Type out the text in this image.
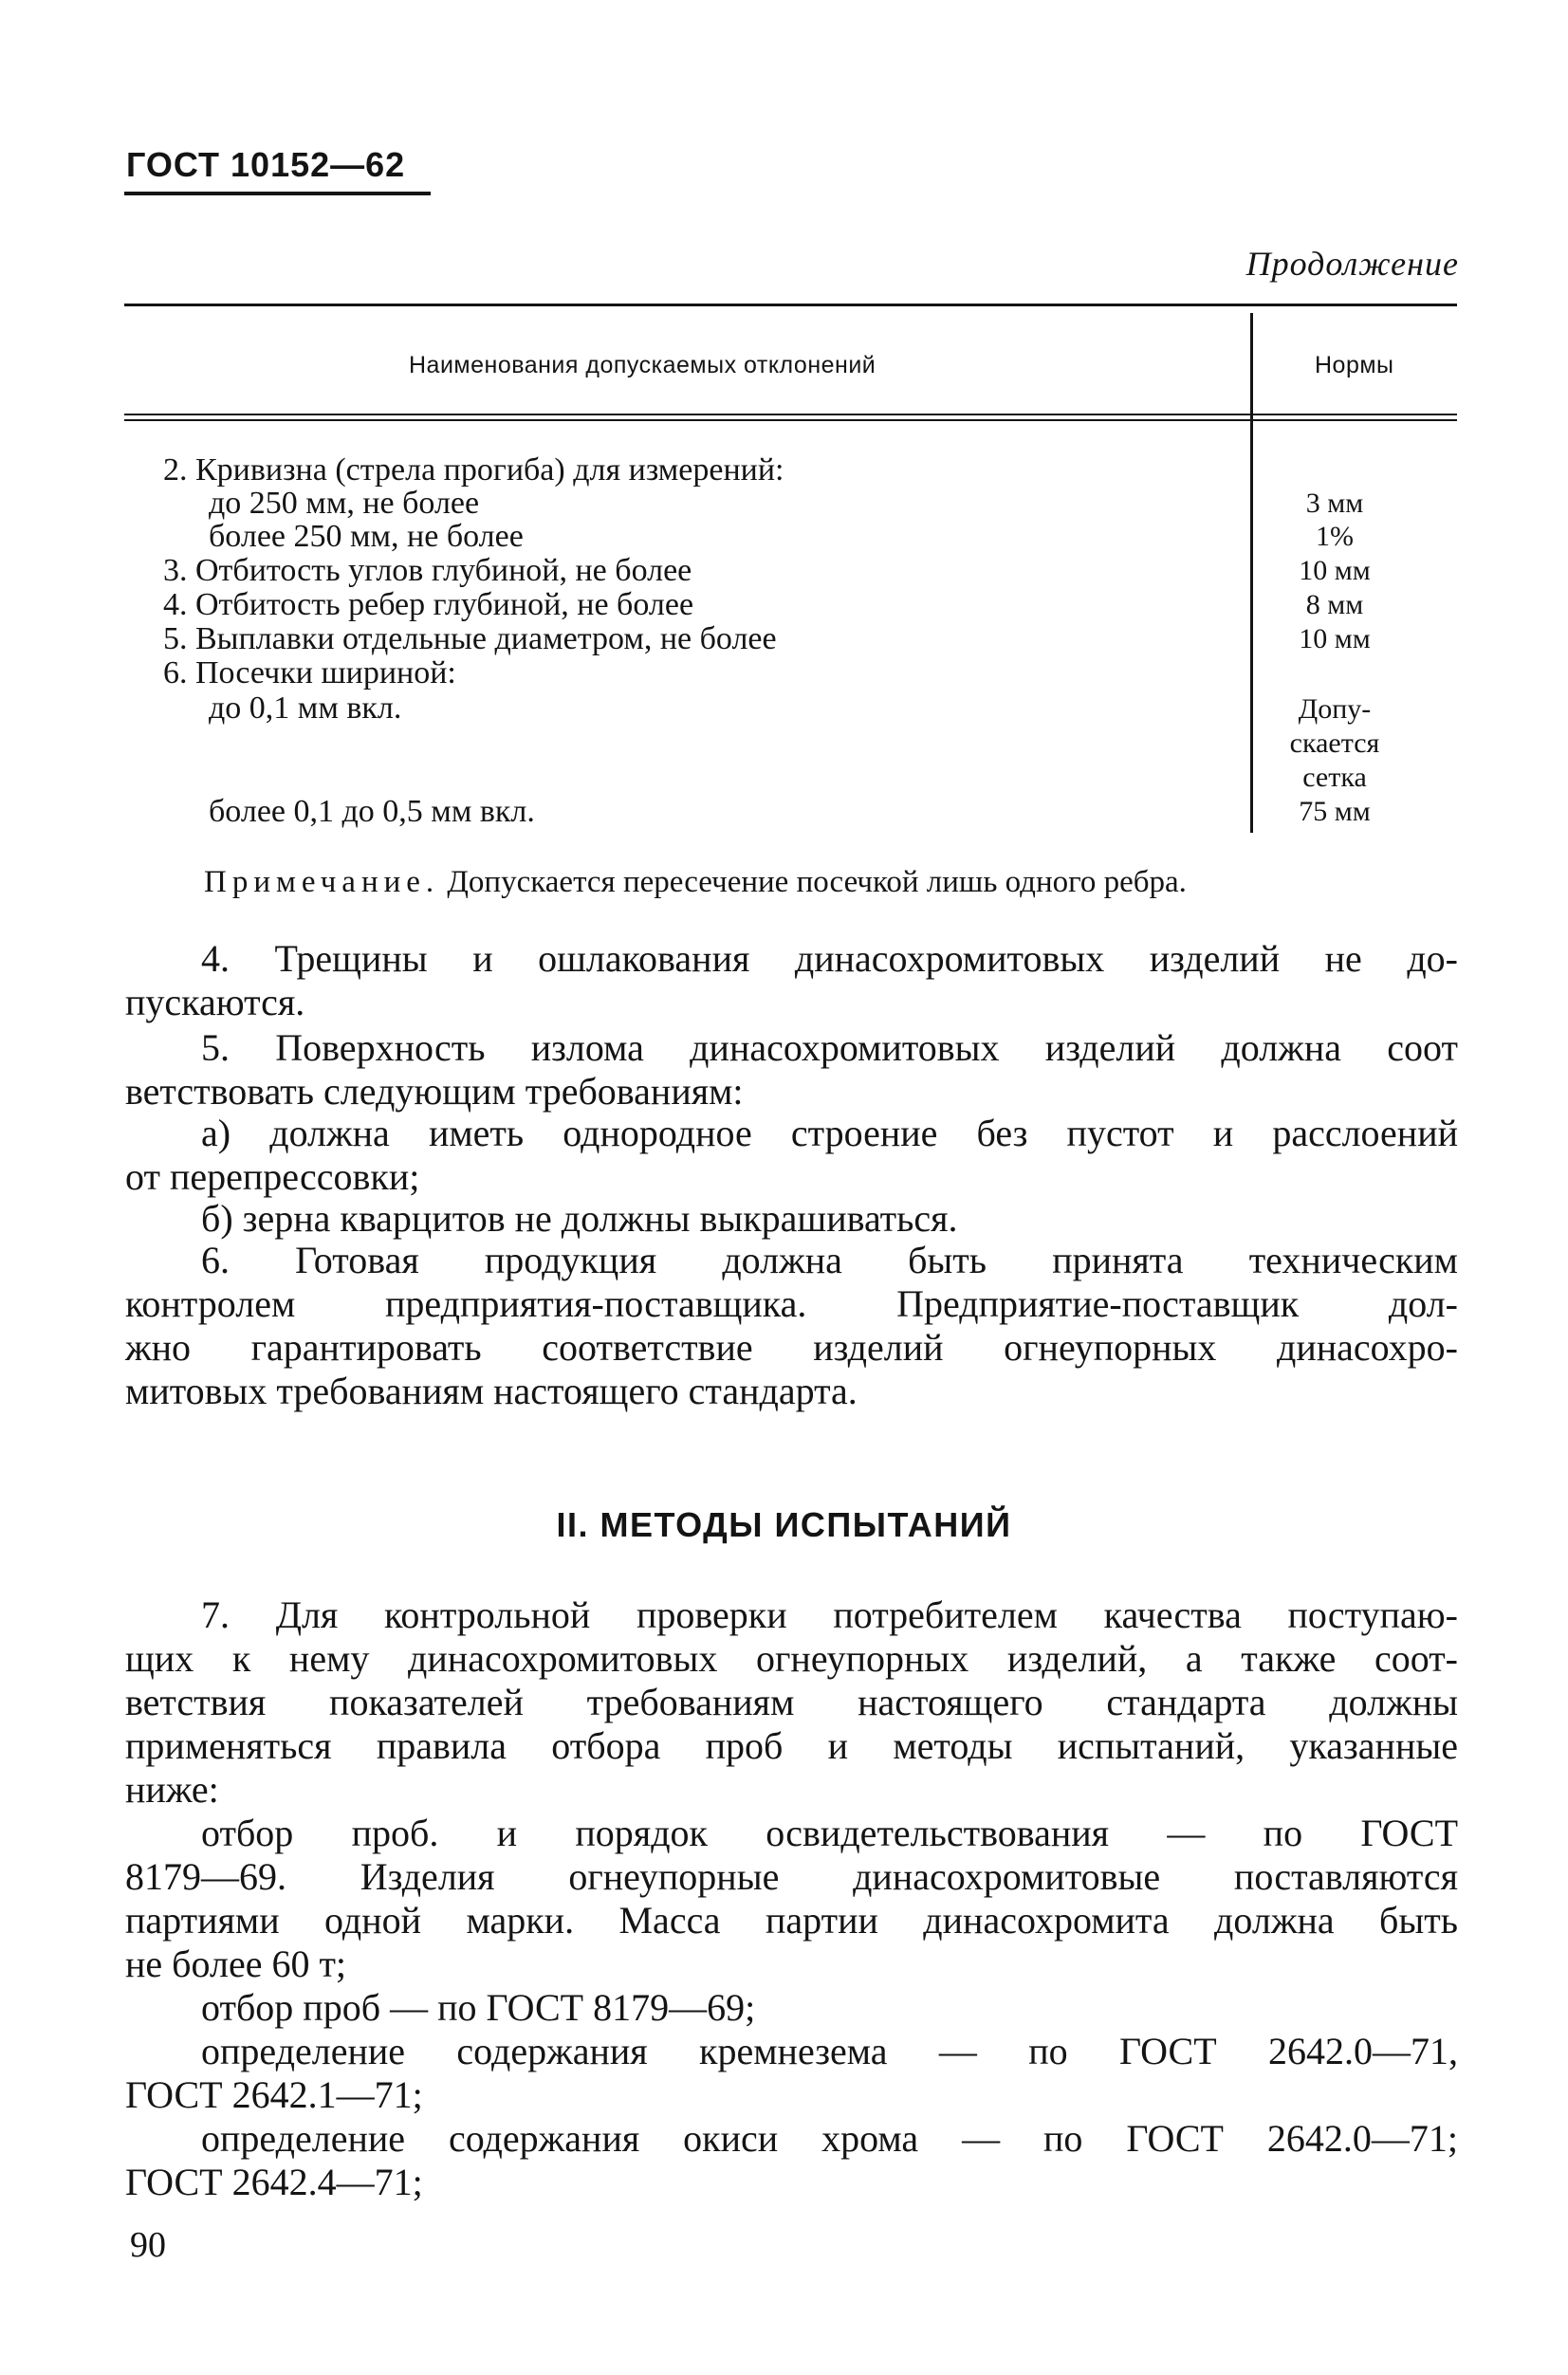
ГОСТ 10152—62
Продолжение
Наименования допускаемых отклонений	Нормы
2. Кривизна (стрела прогиба) для измерений:
до 250 мм, не более
более 250 мм, не более
3. Отбитость углов глубиной, не более
4. Отбитость ребер глубиной, не более
5. Выплавки отдельные диаметром, не более
6. Посечки шириной:
до 0,1 мм вкл.
более 0,1 до 0,5 мм вкл.
3 мм
1%
10 мм
8 мм
10 мм
Допу-
скается
сетка
75 мм
Примечание. Допускается пересечение посечкой лишь одного ребра.
4. Трещины и ошлакования динасохромитовых изделий не до-
пускаются.
5. Поверхность излома динасохромитовых изделий должна соот
ветствовать следующим требованиям:
а) должна иметь однородное строение без пустот и расслоений
от перепрессовки;
б) зерна кварцитов не должны выкрашиваться.
6. Готовая продукция должна быть принята техническим
контролем предприятия-поставщика. Предприятие-поставщик дол-
жно гарантировать соответствие изделий огнеупорных динасохро-
митовых требованиям настоящего стандарта.
II. МЕТОДЫ ИСПЫТАНИЙ
7. Для контрольной проверки потребителем качества поступаю-
щих к нему динасохромитовых огнеупорных изделий, а также соот-
ветствия показателей требованиям настоящего стандарта должны
применяться правила отбора проб и методы испытаний, указанные
ниже:
отбор проб. и порядок освидетельствования — по ГОСТ
8179—69. Изделия огнеупорные динасохромитовые поставляются
партиями одной марки. Масса партии динасохромита должна быть
не более 60 т;
отбор проб — по ГОСТ 8179—69;
определение содержания кремнезема — по ГОСТ 2642.0—71,
ГОСТ 2642.1—71;
определение содержания окиси хрома — по ГОСТ 2642.0—71;
ГОСТ 2642.4—71;
90
